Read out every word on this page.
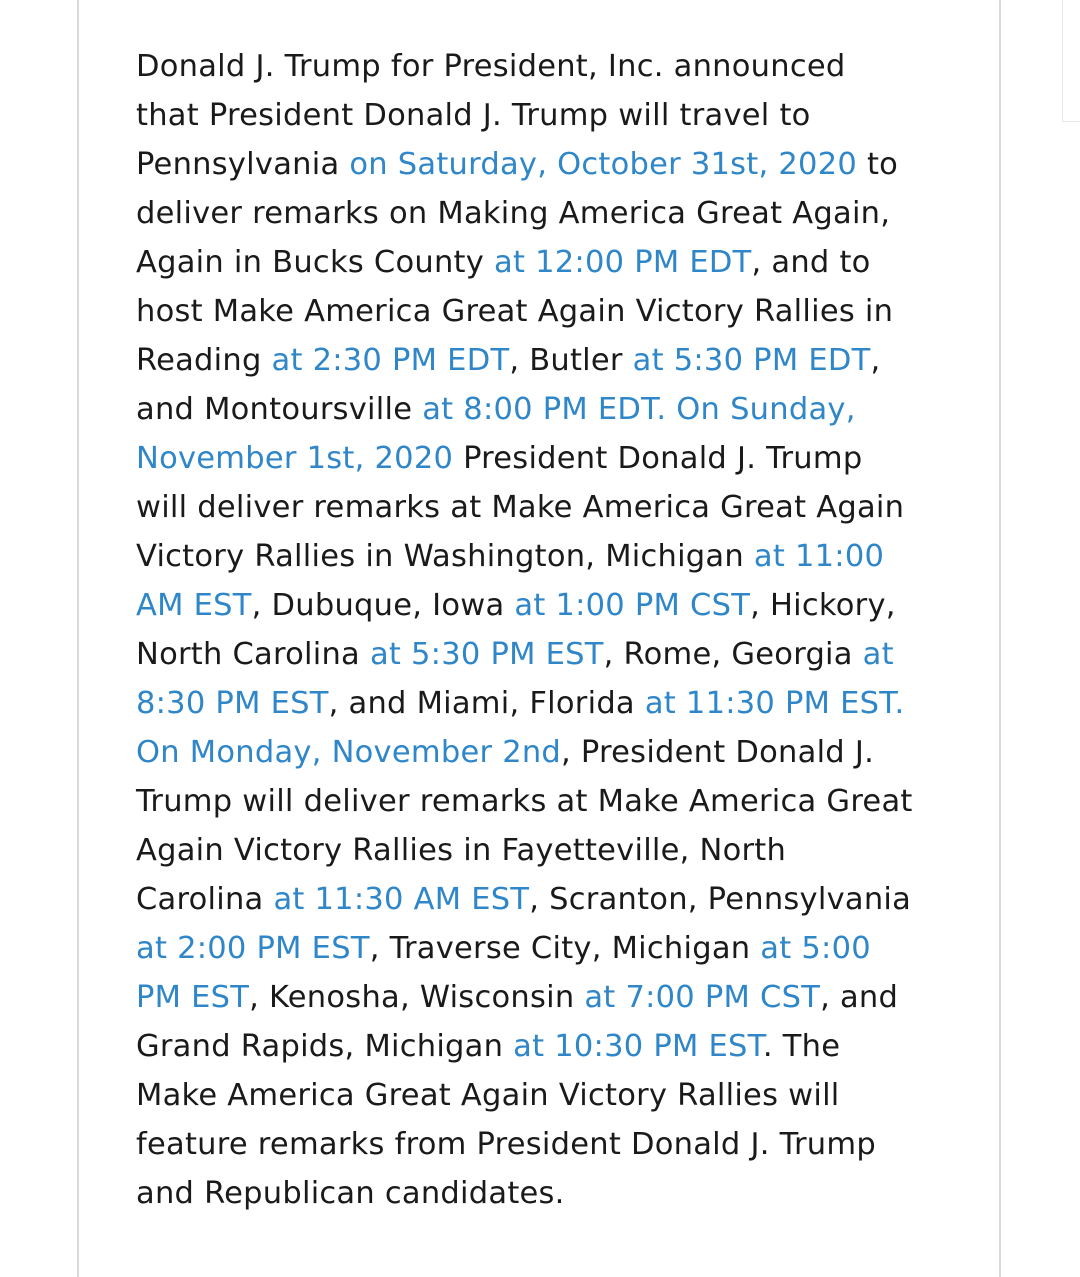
Donald J. Trump for President, Inc. announced
that President Donald J. Trump will travel to
Pennsylvania on Saturday, October 31st, 2020 to
deliver remarks on Making America Great Again,
Again in Bucks County at 12:00 PM EDT, and to
host Make America Great Again Victory Rallies in
Reading at 2:30 PM EDT, Butler at 5:30 PM EDT,
and Montoursville at 8:00 PM EDT. On Sunday,
November 1st, 2020 President Donald J. Trump
will deliver remarks at Make America Great Again
Victory Rallies in Washington, Michigan at 11:00
AM EST, Dubuque, Iowa at 1:00 PM CST, Hickory,
North Carolina at 5:30 PM EST, Rome, Georgia at
8:30 PM EST, and Miami, Florida at 11:30 PM EST.
On Monday, November 2nd, President Donald J.
Trump will deliver remarks at Make America Great
Again Victory Rallies in Fayetteville, North
Carolina at 11:30 AM EST, Scranton, Pennsylvania
at 2:00 PM EST, Traverse City, Michigan at 5:00
PM EST, Kenosha, Wisconsin at 7:00 PM CST, and
Grand Rapids, Michigan at 10:30 PM EST. The
Make America Great Again Victory Rallies will
feature remarks from President Donald J. Trump
and Republican candidates.
